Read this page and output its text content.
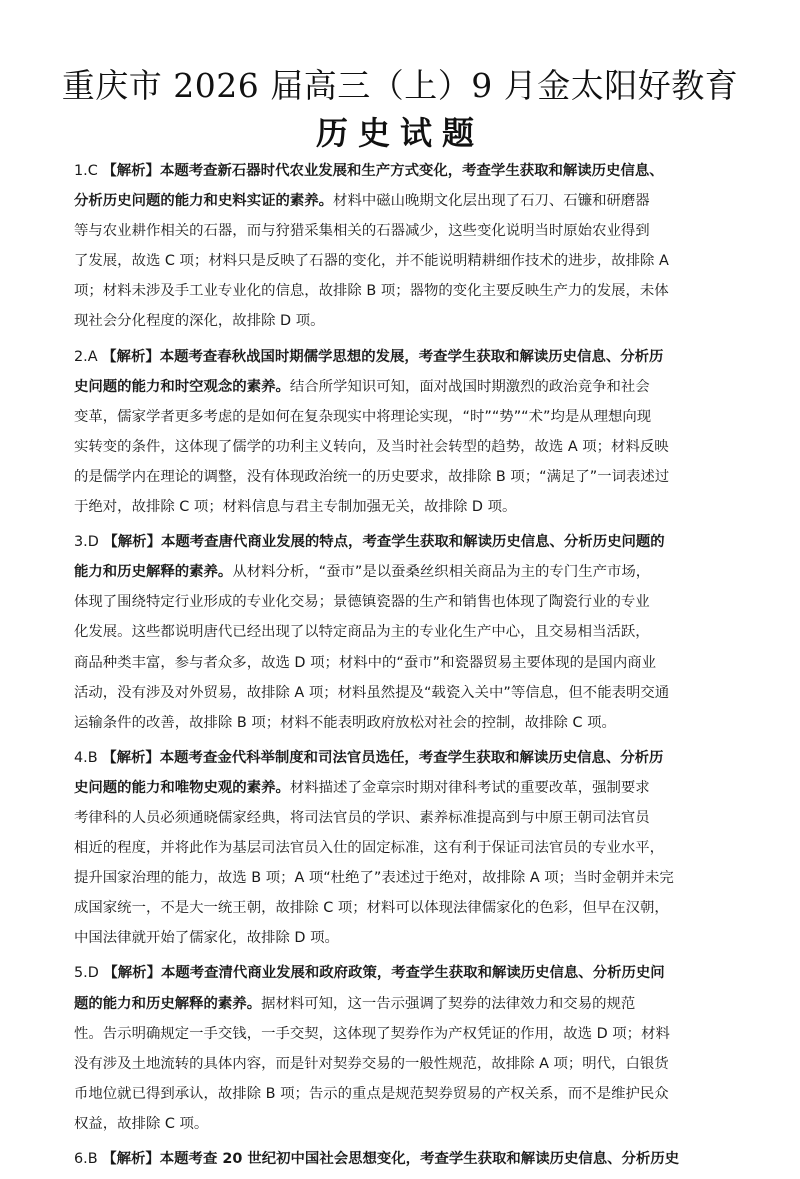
重庆市 2026 届高三（上）9 月金太阳好教育
历史试题
1.C 【解析】本题考查新石器时代农业发展和生产方式变化，考查学生获取和解读历史信息、
分析历史问题的能力和史料实证的素养。材料中磁山晚期文化层出现了石刀、石镰和研磨器
等与农业耕作相关的石器，而与狩猎采集相关的石器减少，这些变化说明当时原始农业得到
了发展，故选 C 项；材料只是反映了石器的变化，并不能说明精耕细作技术的进步，故排除 A
项；材料未涉及手工业专业化的信息，故排除 B 项；器物的变化主要反映生产力的发展，未体
现社会分化程度的深化，故排除 D 项。
2.A 【解析】本题考查春秋战国时期儒学思想的发展，考查学生获取和解读历史信息、分析历
史问题的能力和时空观念的素养。结合所学知识可知，面对战国时期激烈的政治竞争和社会
变革，儒家学者更多考虑的是如何在复杂现实中将理论实现，“时”“势”“术”均是从理想向现
实转变的条件，这体现了儒学的功利主义转向，及当时社会转型的趋势，故选 A 项；材料反映
的是儒学内在理论的调整，没有体现政治统一的历史要求，故排除 B 项；“满足了”一词表述过
于绝对，故排除 C 项；材料信息与君主专制加强无关，故排除 D 项。
3.D 【解析】本题考查唐代商业发展的特点，考查学生获取和解读历史信息、分析历史问题的
能力和历史解释的素养。从材料分析，“蚕市”是以蚕桑丝织相关商品为主的专门生产市场，
体现了围绕特定行业形成的专业化交易；景德镇瓷器的生产和销售也体现了陶瓷行业的专业
化发展。这些都说明唐代已经出现了以特定商品为主的专业化生产中心，且交易相当活跃，
商品种类丰富，参与者众多，故选 D 项；材料中的“蚕市”和瓷器贸易主要体现的是国内商业
活动，没有涉及对外贸易，故排除 A 项；材料虽然提及“载瓷入关中”等信息，但不能表明交通
运输条件的改善，故排除 B 项；材料不能表明政府放松对社会的控制，故排除 C 项。
4.B 【解析】本题考查金代科举制度和司法官员选任，考查学生获取和解读历史信息、分析历
史问题的能力和唯物史观的素养。材料描述了金章宗时期对律科考试的重要改革，强制要求
考律科的人员必须通晓儒家经典，将司法官员的学识、素养标准提高到与中原王朝司法官员
相近的程度，并将此作为基层司法官员入仕的固定标准，这有利于保证司法官员的专业水平，
提升国家治理的能力，故选 B 项；A 项“杜绝了”表述过于绝对，故排除 A 项；当时金朝并未完
成国家统一，不是大一统王朝，故排除 C 项；材料可以体现法律儒家化的色彩，但早在汉朝，
中国法律就开始了儒家化，故排除 D 项。
5.D 【解析】本题考查清代商业发展和政府政策，考查学生获取和解读历史信息、分析历史问
题的能力和历史解释的素养。据材料可知，这一告示强调了契券的法律效力和交易的规范
性。告示明确规定一手交钱，一手交契，这体现了契券作为产权凭证的作用，故选 D 项；材料
没有涉及土地流转的具体内容，而是针对契券交易的一般性规范，故排除 A 项；明代，白银货
币地位就已得到承认，故排除 B 项；告示的重点是规范契券贸易的产权关系，而不是维护民众
权益，故排除 C 项。
6.B 【解析】本题考查 20 世纪初中国社会思想变化，考查学生获取和解读历史信息、分析历史
